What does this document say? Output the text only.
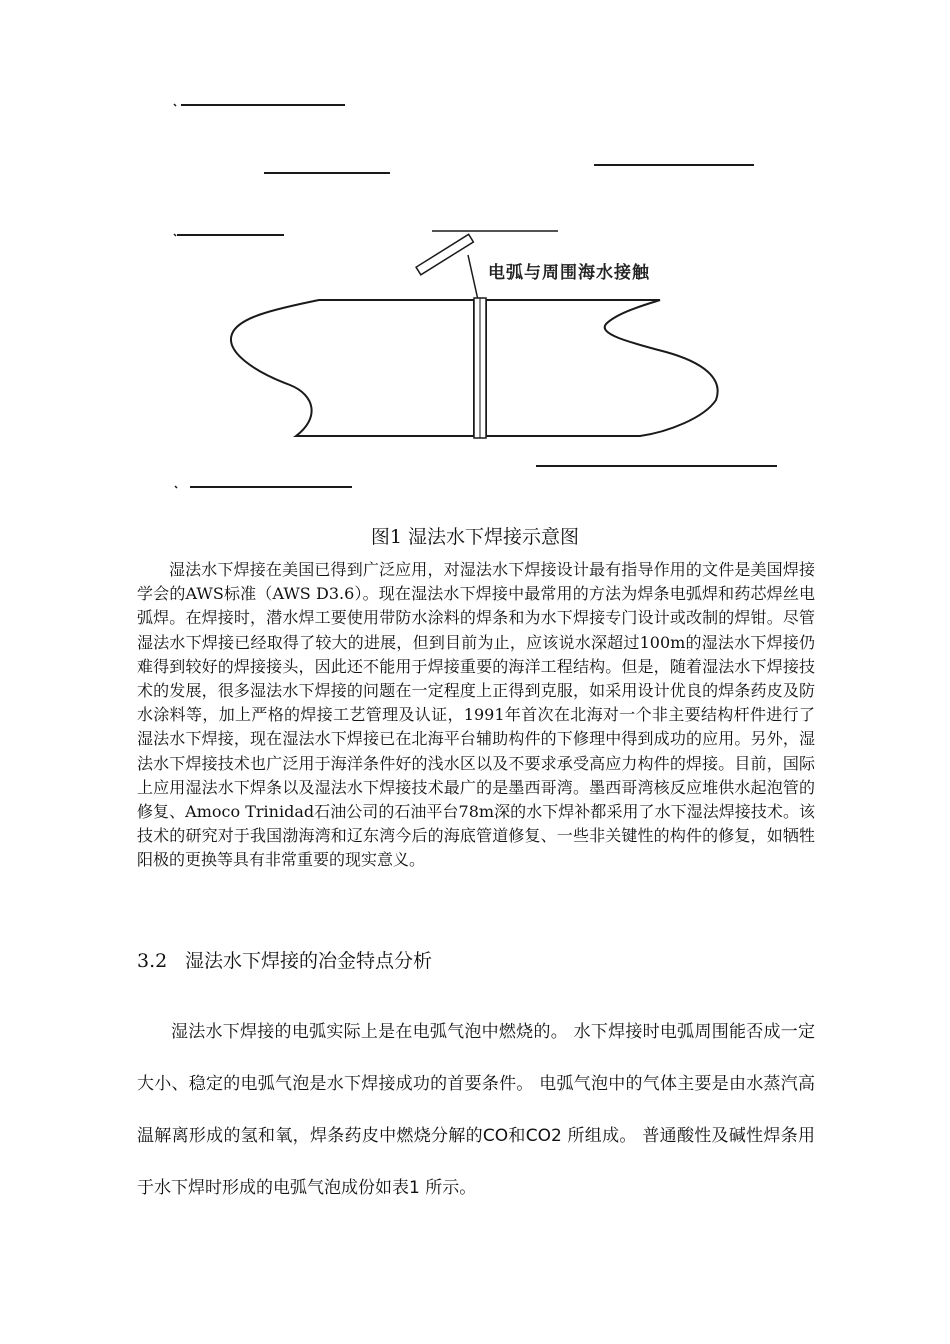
电弧与周围海水接触
图1 湿法水下焊接示意图

湿法水下焊接在美国已得到广泛应用，对湿法水下焊接设计最有指导作用的文件是美国焊接学会的AWS标准（AWS D3.6）。现在湿法水下焊接中最常用的方法为焊条电弧焊和药芯焊丝电弧焊。在焊接时，潜水焊工要使用带防水涂料的焊条和为水下焊接专门设计或改制的焊钳。尽管湿法水下焊接已经取得了较大的进展，但到目前为止，应该说水深超过100m的湿法水下焊接仍难得到较好的焊接接头，因此还不能用于焊接重要的海洋工程结构。但是，随着湿法水下焊接技术的发展，很多湿法水下焊接的问题在一定程度上正得到克服，如采用设计优良的焊条药皮及防水涂料等，加上严格的焊接工艺管理及认证，1991年首次在北海对一个非主要结构杆件进行了湿法水下焊接，现在湿法水下焊接已在北海平台辅助构件的下修理中得到成功的应用。另外，湿法水下焊接技术也广泛用于海洋条件好的浅水区以及不要求承受高应力构件的焊接。目前，国际上应用湿法水下焊条以及湿法水下焊接技术最广的是墨西哥湾。墨西哥湾核反应堆供水起泡管的修复、Amoco Trinidad石油公司的石油平台78m深的水下焊补都采用了水下湿法焊接技术。该技术的研究对于我国渤海湾和辽东湾今后的海底管道修复、一些非关键性的构件的修复，如牺牲阳极的更换等具有非常重要的现实意义。

3.2 湿法水下焊接的冶金特点分析

湿法水下焊接的电弧实际上是在电弧气泡中燃烧的。 水下焊接时电弧周围能否成一定大小、稳定的电弧气泡是水下焊接成功的首要条件。 电弧气泡中的气体主要是由水蒸汽高温解离形成的氢和氧，焊条药皮中燃烧分解的CO和CO2 所组成。 普通酸性及碱性焊条用于水下焊时形成的电弧气泡成份如表1 所示。
